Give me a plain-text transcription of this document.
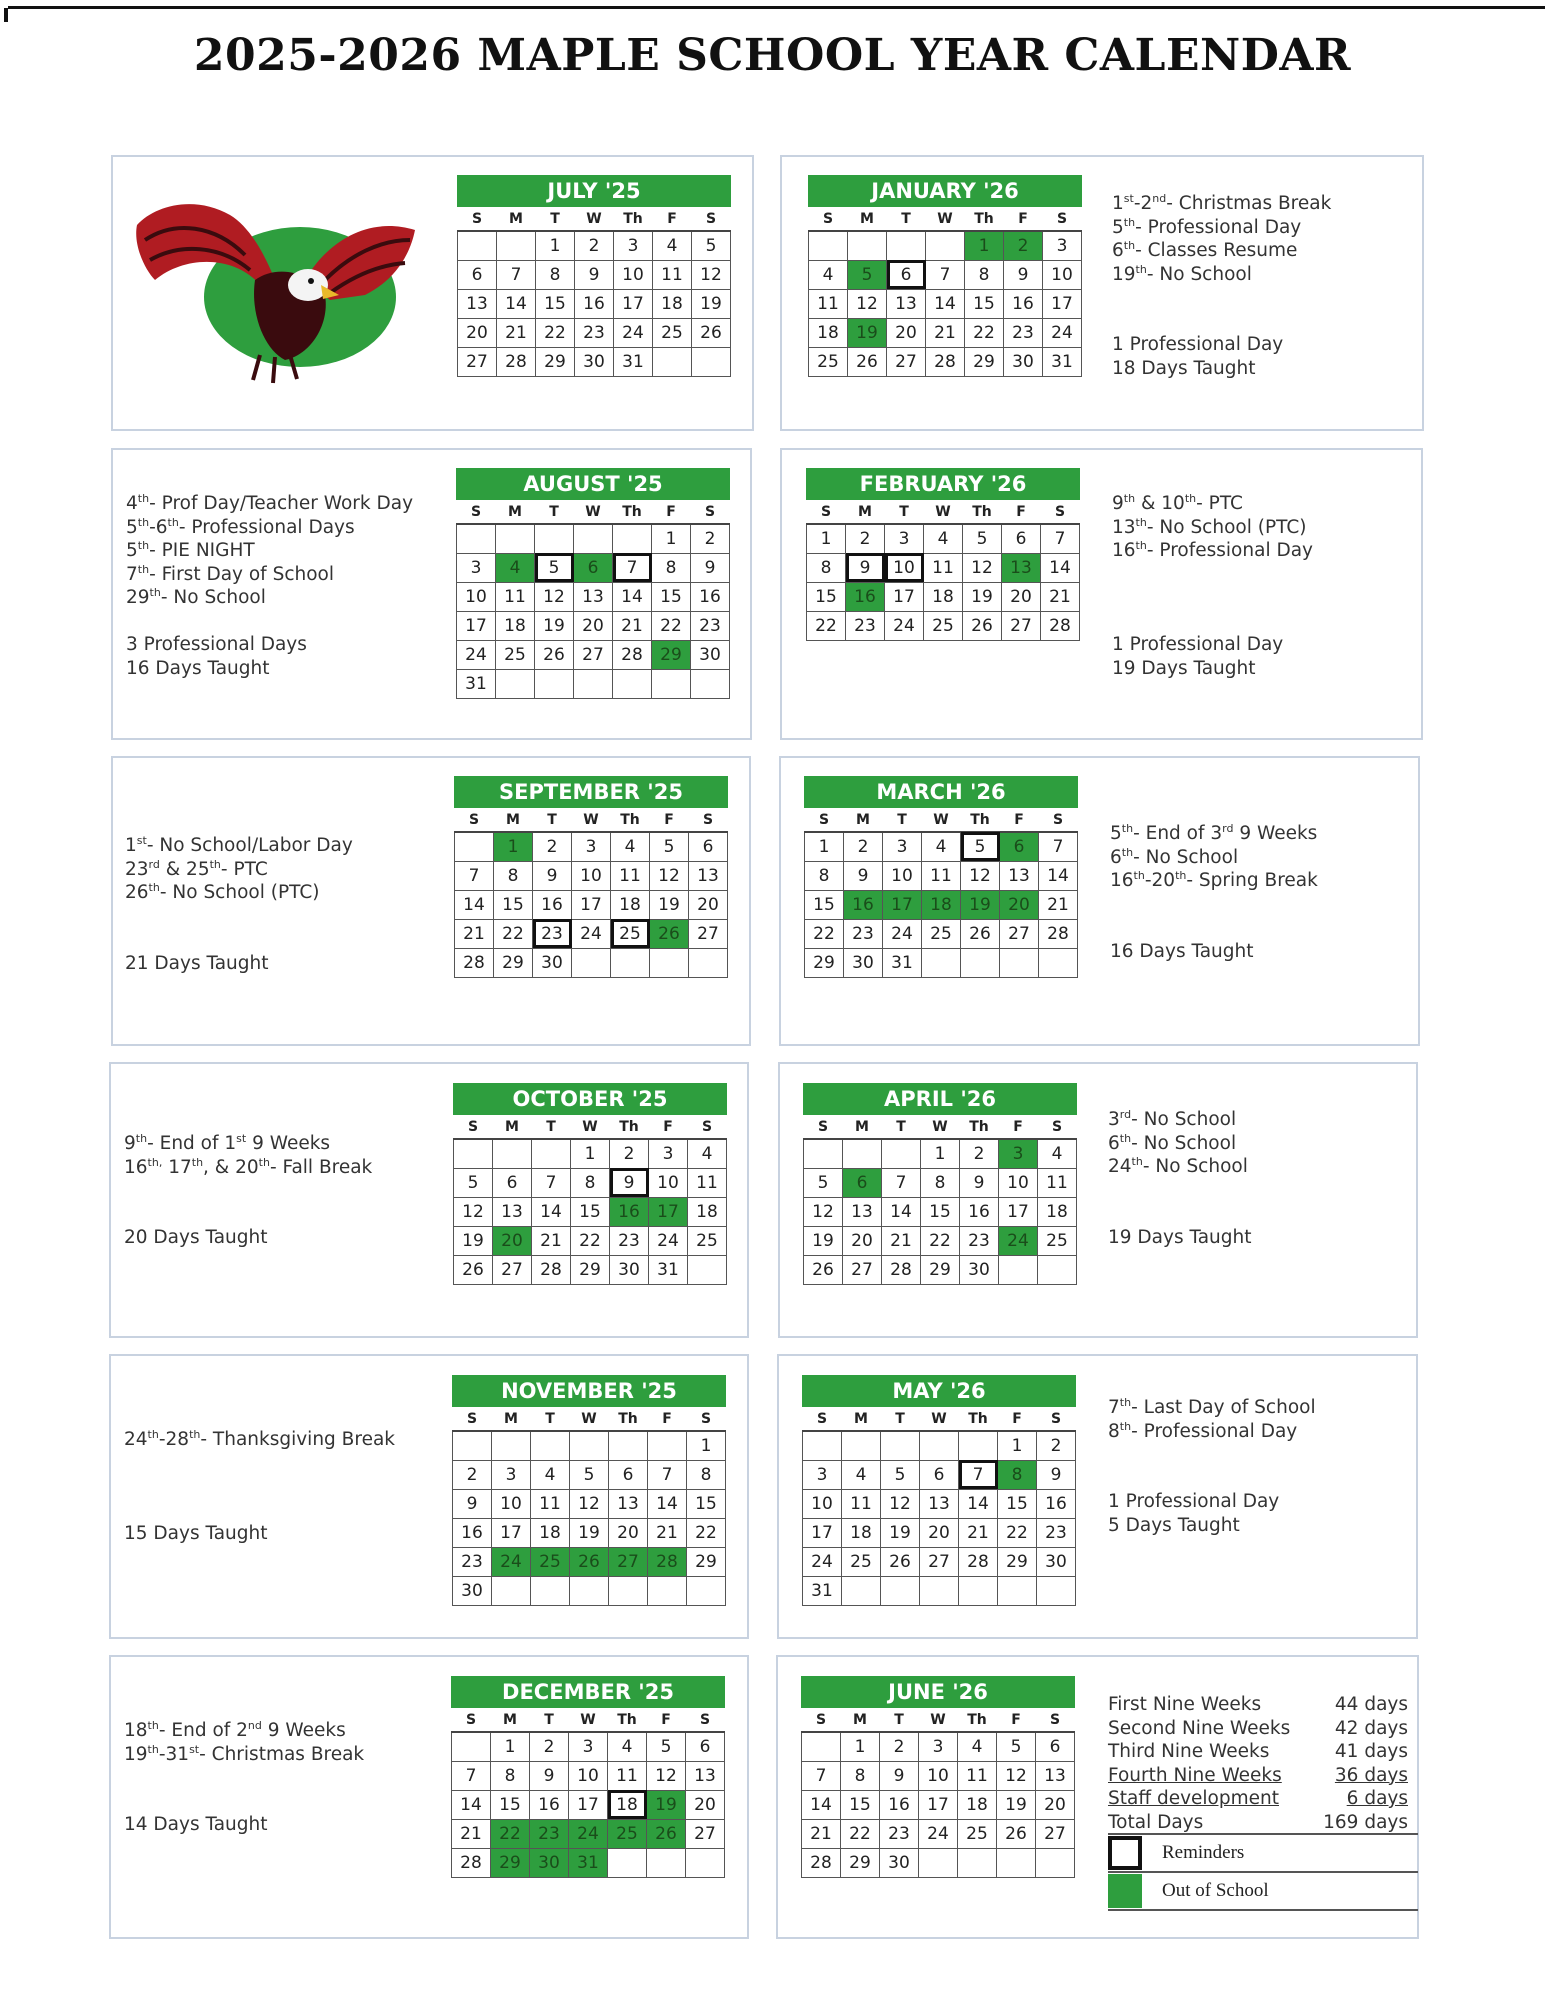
2025-2026 MAPLE SCHOOL YEAR CALENDAR
JULY '25
S	M	T	W	Th	F	S
		1	2	3	4	5
6	7	8	9	10	11	12
13	14	15	16	17	18	19
20	21	22	23	24	25	26
27	28	29	30	31		
JANUARY '26
S	M	T	W	Th	F	S
				1	2	3
4	5	6	7	8	9	10
11	12	13	14	15	16	17
18	19	20	21	22	23	24
25	26	27	28	29	30	31
AUGUST '25
S	M	T	W	Th	F	S
					1	2
3	4	5	6	7	8	9
10	11	12	13	14	15	16
17	18	19	20	21	22	23
24	25	26	27	28	29	30
31						
FEBRUARY '26
S	M	T	W	Th	F	S
1	2	3	4	5	6	7
8	9	10	11	12	13	14
15	16	17	18	19	20	21
22	23	24	25	26	27	28
SEPTEMBER '25
S	M	T	W	Th	F	S
	1	2	3	4	5	6
7	8	9	10	11	12	13
14	15	16	17	18	19	20
21	22	23	24	25	26	27
28	29	30				
MARCH '26
S	M	T	W	Th	F	S
1	2	3	4	5	6	7
8	9	10	11	12	13	14
15	16	17	18	19	20	21
22	23	24	25	26	27	28
29	30	31				
OCTOBER '25
S	M	T	W	Th	F	S
			1	2	3	4
5	6	7	8	9	10	11
12	13	14	15	16	17	18
19	20	21	22	23	24	25
26	27	28	29	30	31	
APRIL '26
S	M	T	W	Th	F	S
			1	2	3	4
5	6	7	8	9	10	11
12	13	14	15	16	17	18
19	20	21	22	23	24	25
26	27	28	29	30		
NOVEMBER '25
S	M	T	W	Th	F	S
						1
2	3	4	5	6	7	8
9	10	11	12	13	14	15
16	17	18	19	20	21	22
23	24	25	26	27	28	29
30						
MAY '26
S	M	T	W	Th	F	S
					1	2
3	4	5	6	7	8	9
10	11	12	13	14	15	16
17	18	19	20	21	22	23
24	25	26	27	28	29	30
31						
DECEMBER '25
S	M	T	W	Th	F	S
	1	2	3	4	5	6
7	8	9	10	11	12	13
14	15	16	17	18	19	20
21	22	23	24	25	26	27
28	29	30	31			
JUNE '26
S	M	T	W	Th	F	S
	1	2	3	4	5	6
7	8	9	10	11	12	13
14	15	16	17	18	19	20
21	22	23	24	25	26	27
28	29	30				
1st-2nd- Christmas Break
5th- Professional Day
6th- Classes Resume
19th- No School

1 Professional Day
18 Days Taught
4th- Prof Day/Teacher Work Day
5th-6th- Professional Days
5th- PIE NIGHT
7th- First Day of School
29th- No School

3 Professional Days
16 Days Taught
9th & 10th- PTC
13th- No School (PTC)
16th- Professional Day

1 Professional Day
19 Days Taught
1st- No School/Labor Day
23rd & 25th- PTC
26th- No School (PTC)

21 Days Taught
5th- End of 3rd 9 Weeks
6th- No School
16th-20th- Spring Break

16 Days Taught
9th- End of 1st 9 Weeks
$16^{th,}$ 17th, & 20th- Fall Break

20 Days Taught
3rd- No School
6th- No School
24th- No School

19 Days Taught
24th-28th- Thanksgiving Break

15 Days Taught
7th- Last Day of School
8th- Professional Day

1 Professional Day
5 Days Taught
18th- End of 2nd 9 Weeks
19th-31st- Christmas Break

14 Days Taught
First Nine Weeks	44 days
Second Nine Weeks	42 days
Third Nine Weeks	41 days
Fourth Nine Weeks	36 days
Staff development	6 days
Total Days	169 days
Reminders
Out of School
